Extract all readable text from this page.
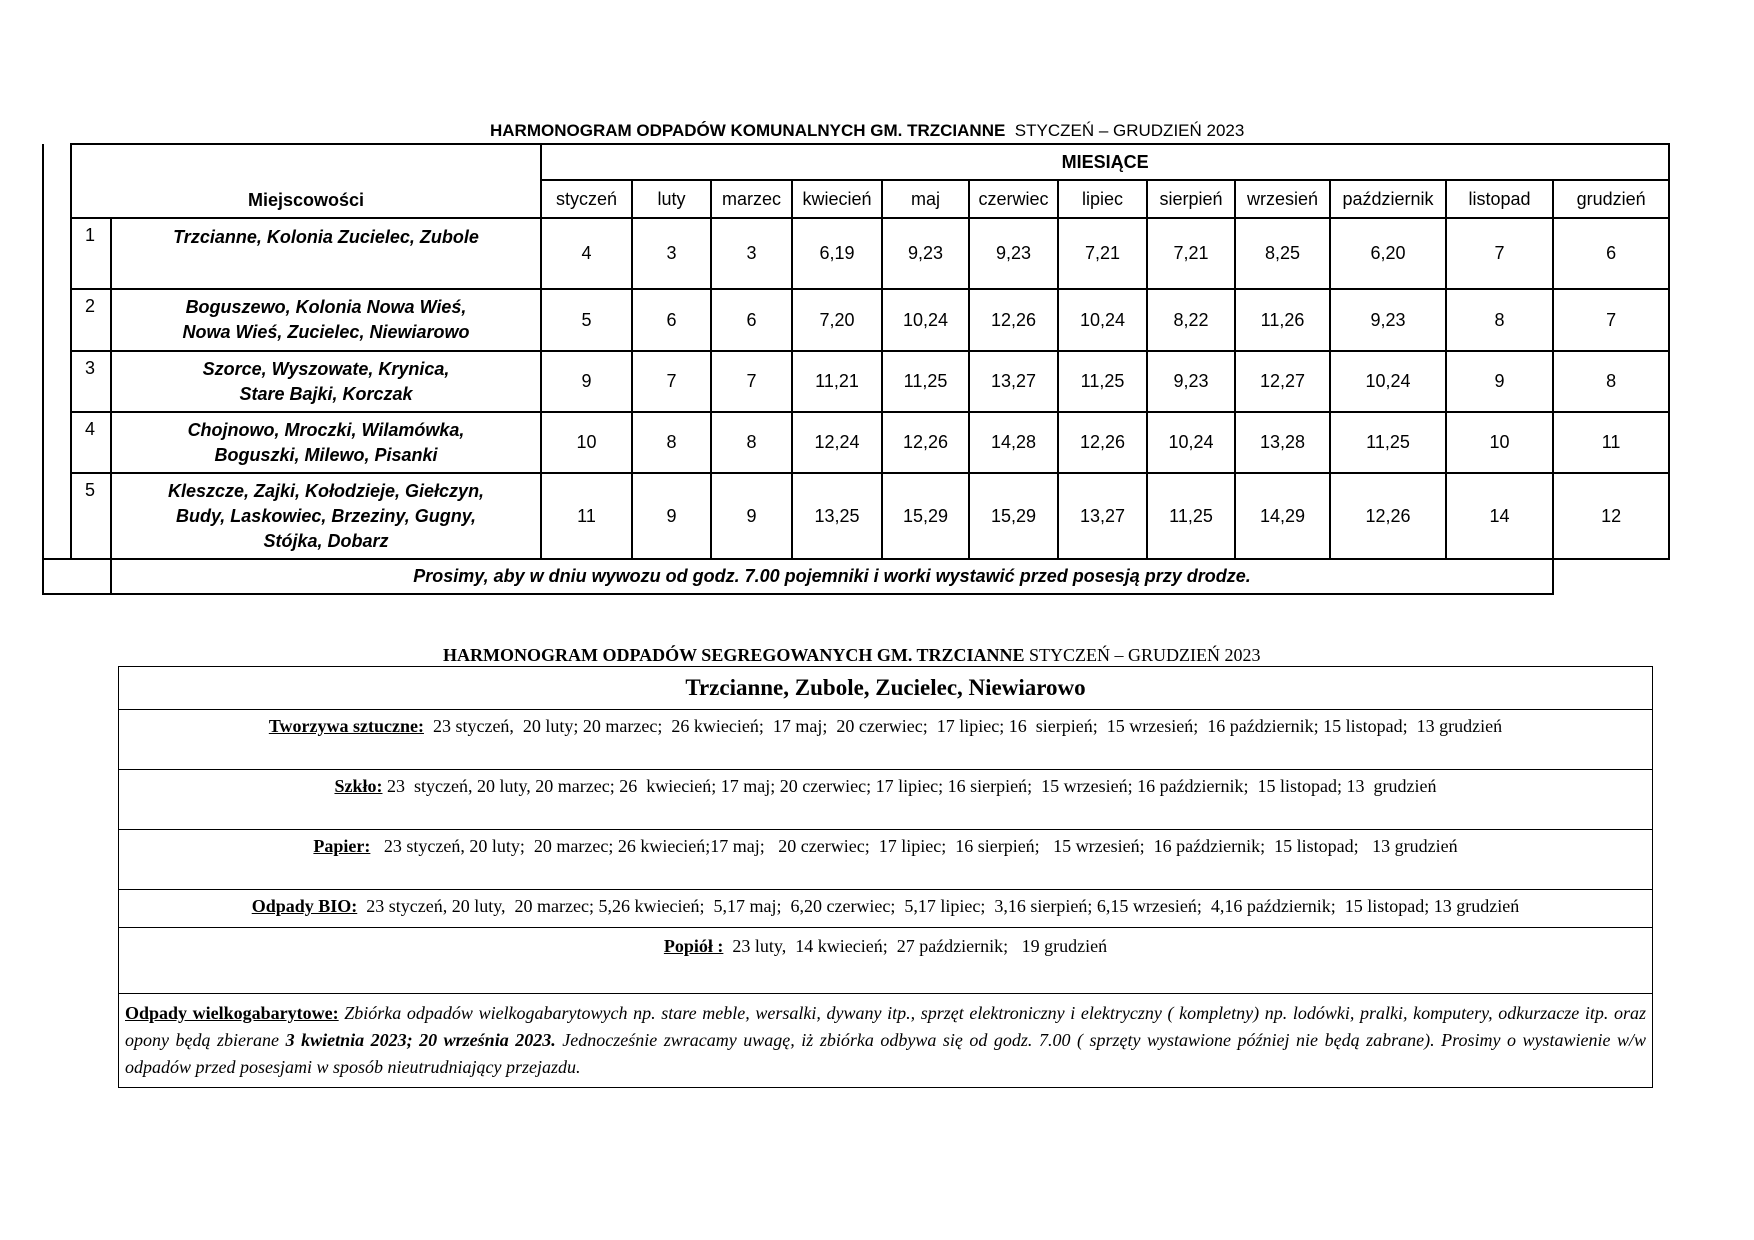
HARMONOGRAM ODPADÓW KOMUNALNYCH GM. TRZCIANNE STYCZEŃ – GRUDZIEŃ 2023
	Miejscowości		MIESIĄCE											
			styczeń	luty	marzec	kwiecień	maj	czerwiec	lipiec	sierpień	wrzesień	październik	listopad	grudzień
	1	Trzcianne, Kolonia Zucielec, Zubole	4	3	3	6,19	9,23	9,23	7,21	7,21	8,25	6,20	7	6
	2	Boguszewo, Kolonia Nowa Wieś,
Nowa Wieś, Zucielec, Niewiarowo	5	6	6	7,20	10,24	12,26	10,24	8,22	11,26	9,23	8	7
	3	Szorce, Wyszowate, Krynica,
Stare Bajki, Korczak	9	7	7	11,21	11,25	13,27	11,25	9,23	12,27	10,24	9	8
	4	Chojnowo, Mroczki, Wilamówka,
Boguszki, Milewo, Pisanki	10	8	8	12,24	12,26	14,28	12,26	10,24	13,28	11,25	10	11
	5	Kleszcze, Zajki, Kołodzieje, Giełczyn,
Budy, Laskowiec, Brzeziny, Gugny,
Stójka, Dobarz	11	9	9	13,25	15,29	15,29	13,27	11,25	14,29	12,26	14	12
		Prosimy, aby w dniu wywozu od godz. 7.00 pojemniki i worki wystawić przed posesją przy drodze.												
HARMONOGRAM ODPADÓW SEGREGOWANYCH GM. TRZCIANNE STYCZEŃ – GRUDZIEŃ 2023
Trzcianne, Zubole, Zucielec, Niewiarowo
Tworzywa sztuczne:  23 styczeń,  20 luty; 20 marzec;  26 kwiecień;  17 maj;  20 czerwiec;  17 lipiec; 16  sierpień;  15 wrzesień;  16 październik; 15 listopad;  13 grudzień
Szkło: 23  styczeń, 20 luty, 20 marzec; 26  kwiecień; 17 maj; 20 czerwiec; 17 lipiec; 16 sierpień;  15 wrzesień; 16 październik;  15 listopad; 13  grudzień
Papier:   23 styczeń, 20 luty;  20 marzec; 26 kwiecień;17 maj;   20 czerwiec;  17 lipiec;  16 sierpień;   15 wrzesień;  16 październik;  15 listopad;   13 grudzień
Odpady BIO:  23 styczeń, 20 luty,  20 marzec; 5,26 kwiecień;  5,17 maj;  6,20 czerwiec;  5,17 lipiec;  3,16 sierpień; 6,15 wrzesień;  4,16 październik;  15 listopad; 13 grudzień
Popiół :  23 luty,  14 kwiecień;  27 październik;   19 grudzień
Odpady wielkogabarytowe: Zbiórka odpadów wielkogabarytowych np. stare meble, wersalki, dywany itp., sprzęt elektroniczny i elektryczny ( kompletny) np. lodówki, pralki, komputery, odkurzacze itp. oraz opony będą zbierane 3 kwietnia 2023; 20 września 2023. Jednocześnie zwracamy uwagę, iż zbiórka odbywa się od godz. 7.00 ( sprzęty wystawione później nie będą zabrane). Prosimy o wystawienie w/w odpadów przed posesjami w sposób nieutrudniający przejazdu.
